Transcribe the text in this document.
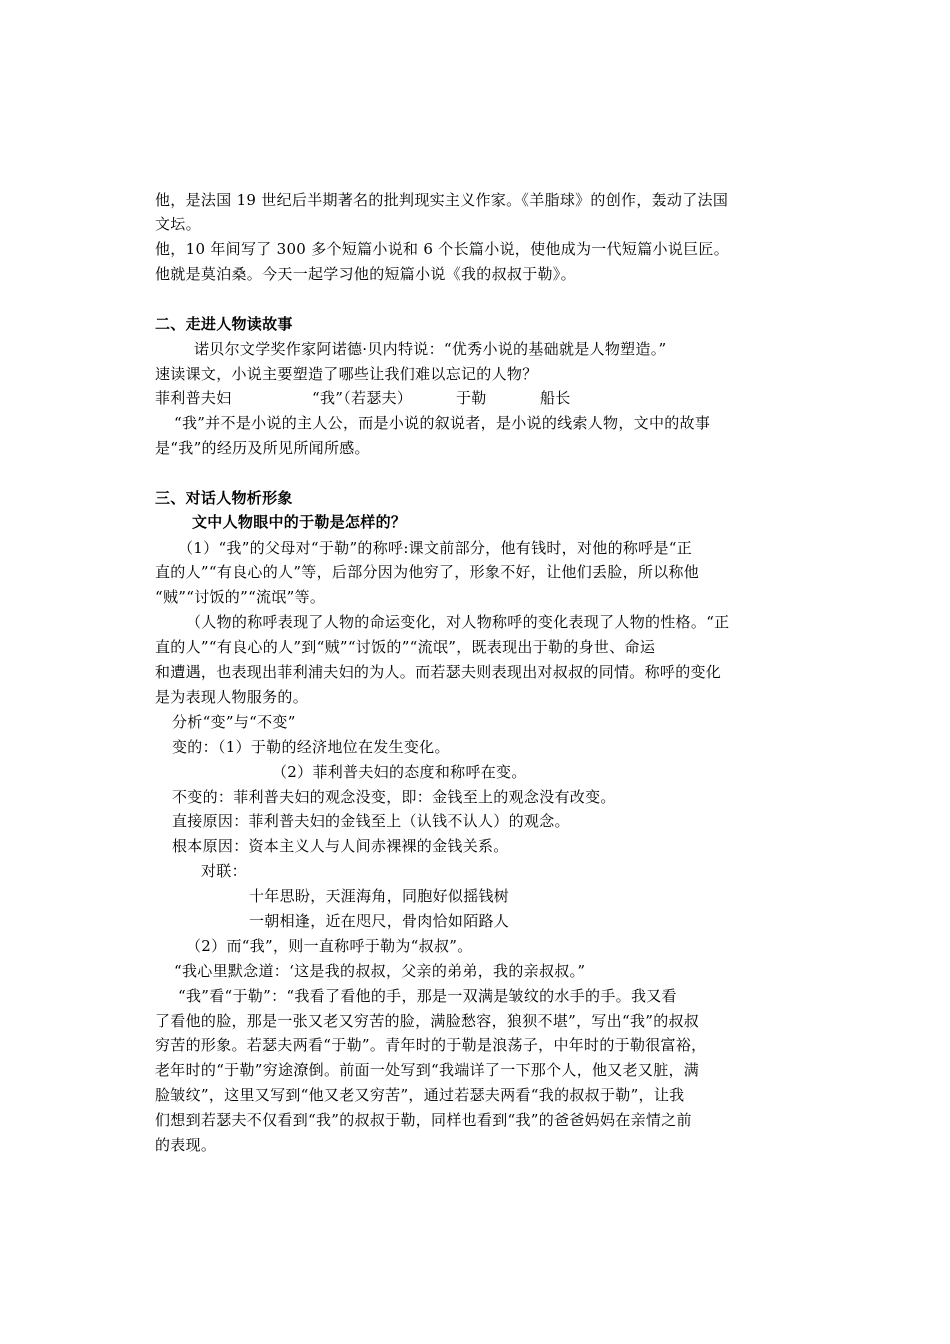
他，是法国 19 世纪后半期著名的批判现实主义作家。《羊脂球》的创作，轰动了法国
文坛。
他，10 年间写了 300 多个短篇小说和 6 个长篇小说，使他成为一代短篇小说巨匠。
他就是莫泊桑。今天一起学习他的短篇小说《我的叔叔于勒》。
二、走进人物读故事
诺贝尔文学奖作家阿诺德·贝内特说：“优秀小说的基础就是人物塑造。”
速读课文，小说主要塑造了哪些让我们难以忘记的人物？
菲利普夫妇	“我”（若瑟夫）	于勒	船长
“我”并不是小说的主人公，而是小说的叙说者，是小说的线索人物，文中的故事
是“我”的经历及所见所闻所感。
三、对话人物析形象
文中人物眼中的于勒是怎样的？
（1）“我”的父母对“于勒”的称呼:课文前部分，他有钱时，对他的称呼是“正
直的人”“有良心的人”等，后部分因为他穷了，形象不好，让他们丢脸，所以称他
“贼”“讨饭的”“流氓”等。
（人物的称呼表现了人物的命运变化，对人物称呼的变化表现了人物的性格。“正
直的人”“有良心的人”到“贼”“讨饭的”“流氓”，既表现出于勒的身世、命运
和遭遇，也表现出菲利浦夫妇的为人。而若瑟夫则表现出对叔叔的同情。称呼的变化
是为表现人物服务的。
分析“变”与“不变”
变的：（1）于勒的经济地位在发生变化。
（2）菲利普夫妇的态度和称呼在变。
不变的：菲利普夫妇的观念没变，即：金钱至上的观念没有改变。
直接原因：菲利普夫妇的金钱至上（认钱不认人）的观念。
根本原因：资本主义人与人间赤裸裸的金钱关系。
对联：
十年思盼，天涯海角，同胞好似摇钱树
一朝相逢，近在咫尺，骨肉恰如陌路人
（2）而“我”，则一直称呼于勒为“叔叔”。
“我心里默念道：‘这是我的叔叔，父亲的弟弟，我的亲叔叔。”
“我”看“于勒”：“我看了看他的手，那是一双满是皱纹的水手的手。我又看
了看他的脸，那是一张又老又穷苦的脸，满脸愁容，狼狈不堪”，写出“我”的叔叔
穷苦的形象。若瑟夫两看“于勒”。青年时的于勒是浪荡子，中年时的于勒很富裕，
老年时的“于勒”穷途潦倒。前面一处写到“我端详了一下那个人，他又老又脏，满
脸皱纹”，这里又写到“他又老又穷苦”，通过若瑟夫两看“我的叔叔于勒”，让我
们想到若瑟夫不仅看到“我”的叔叔于勒，同样也看到“我”的爸爸妈妈在亲情之前
的表现。
